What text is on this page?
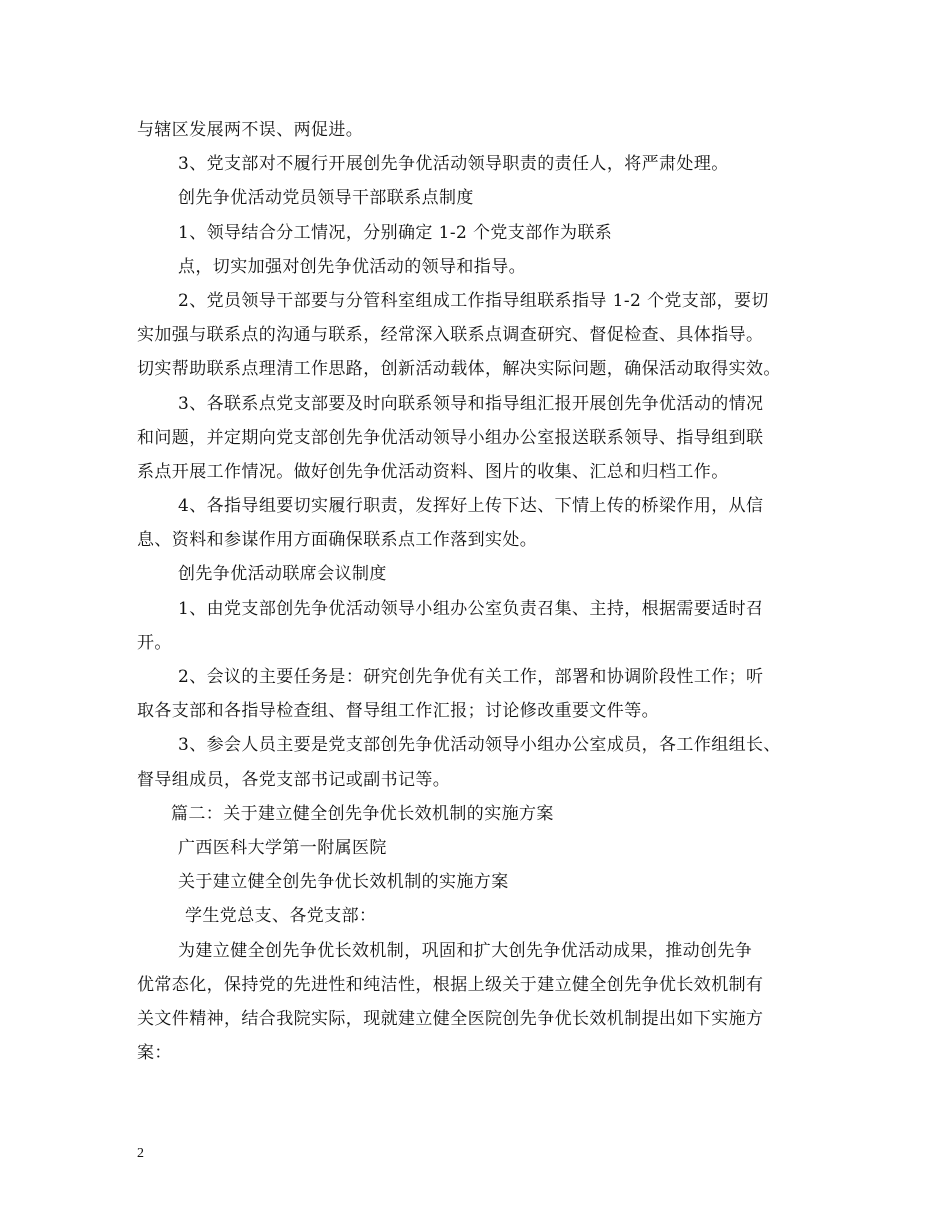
与辖区发展两不误、两促进。
3、党支部对不履行开展创先争优活动领导职责的责任人，将严肃处理。
创先争优活动党员领导干部联系点制度
1、领导结合分工情况，分别确定 1-2 个党支部作为联系
点，切实加强对创先争优活动的领导和指导。
2、党员领导干部要与分管科室组成工作指导组联系指导 1-2 个党支部，要切
实加强与联系点的沟通与联系，经常深入联系点调查研究、督促检查、具体指导。
切实帮助联系点理清工作思路，创新活动载体，解决实际问题，确保活动取得实效。
3、各联系点党支部要及时向联系领导和指导组汇报开展创先争优活动的情况
和问题，并定期向党支部创先争优活动领导小组办公室报送联系领导、指导组到联
系点开展工作情况。做好创先争优活动资料、图片的收集、汇总和归档工作。
4、各指导组要切实履行职责，发挥好上传下达、下情上传的桥梁作用，从信
息、资料和参谋作用方面确保联系点工作落到实处。
创先争优活动联席会议制度
1、由党支部创先争优活动领导小组办公室负责召集、主持，根据需要适时召
开。
2、会议的主要任务是：研究创先争优有关工作，部署和协调阶段性工作；听
取各支部和各指导检查组、督导组工作汇报；讨论修改重要文件等。
3、参会人员主要是党支部创先争优活动领导小组办公室成员，各工作组组长、
督导组成员，各党支部书记或副书记等。
篇二：关于建立健全创先争优长效机制的实施方案
广西医科大学第一附属医院
关于建立健全创先争优长效机制的实施方案
学生党总支、各党支部：
为建立健全创先争优长效机制，巩固和扩大创先争优活动成果，推动创先争
优常态化，保持党的先进性和纯洁性，根据上级关于建立健全创先争优长效机制有
关文件精神，结合我院实际，现就建立健全医院创先争优长效机制提出如下实施方
案：
2
